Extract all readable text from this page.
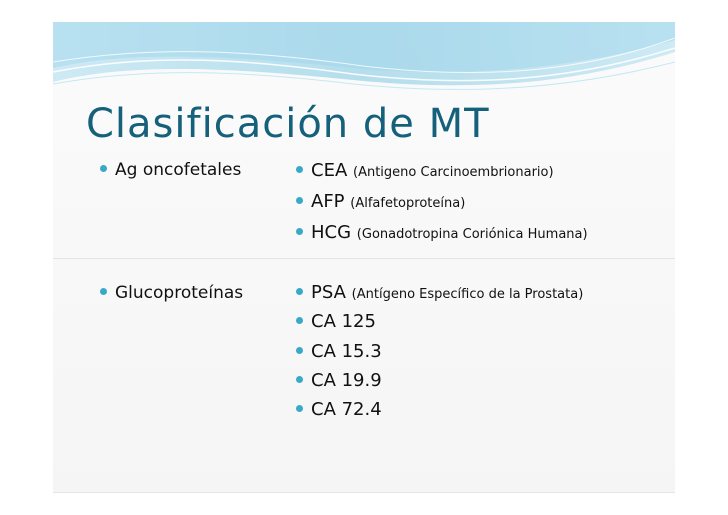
Clasificación de MT
Ag oncofetales	CEA (Antigeno Carcinoembrionario)
AFP (Alfafetoproteína)
HCG (Gonadotropina Coriónica Humana)
Glucoproteínas	PSA (Antígeno Específico de la Prostata)
CA 125
CA 15.3
CA 19.9
CA 72.4
